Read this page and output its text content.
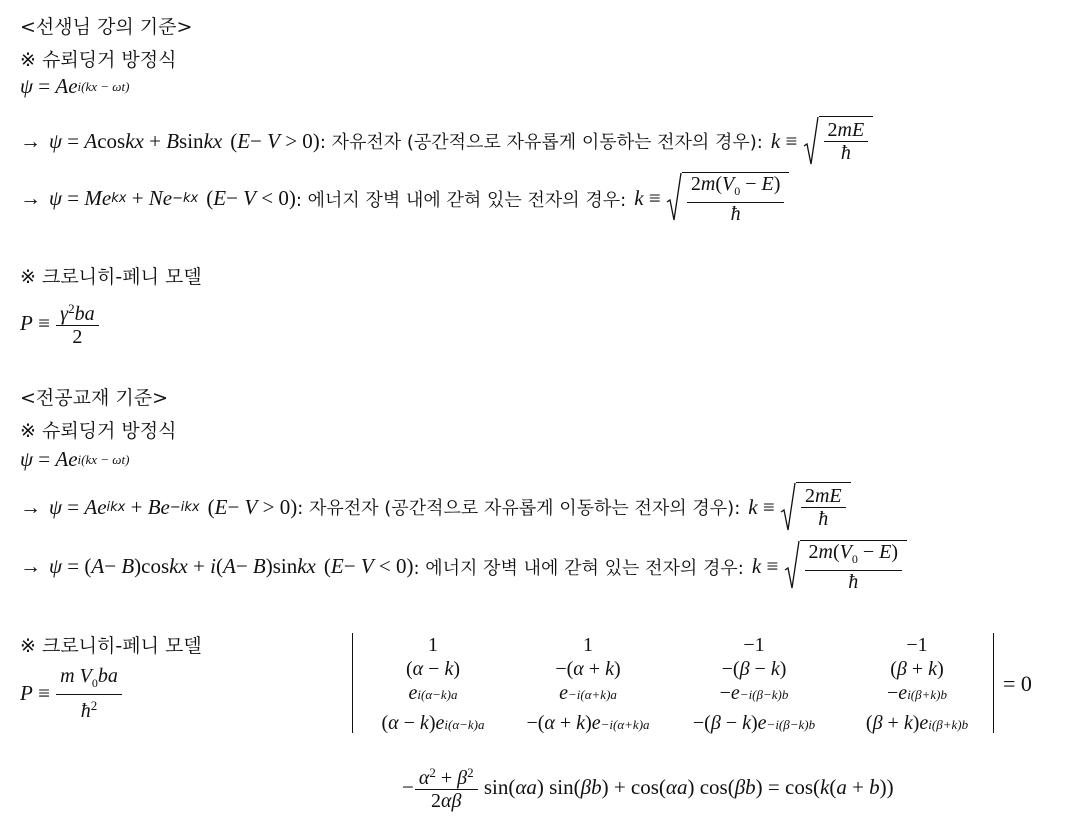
<선생님 강의 기준>
※ 슈뢰딩거 방정식
ψ = Ae i(kx − ωt)
→ ψ = A cos kx + B sin kx (E− V > 0) : 자유전자 (공간적으로 자유롭게 이동하는 전자의 경우): $k \equiv \frac{2mE}{ħ}$
→ ψ = Me kx + Ne −kx (E− V < 0) : 에너지 장벽 내에 갇혀 있는 전자의 경우: $k \equiv \frac{2m(V_0 - E)}{ħ}$
※ 크로니히-페니 모델
$P \equiv \frac{\gamma^2ba}{2}$
<전공교재 기준>
※ 슈뢰딩거 방정식
ψ = Ae i(kx − ωt)
→ ψ = Ae ikx + Be −ikx (E− V > 0) : 자유전자 (공간적으로 자유롭게 이동하는 전자의 경우): $k \equiv \frac{2mE}{ħ}$
→ ψ = (A− B)coskx + i(A− B)sinkx (E− V < 0) : 에너지 장벽 내에 갇혀 있는 전자의 경우: $k \equiv \frac{2m(V_0 - E)}{ħ}$
※ 크로니히-페니 모델
$P \equiv \frac{m V_0ba}{ħ^2}$
1
(α − k)
ei(α−k)a
(α − k)ei(α−k)a
1
−(α + k)
e−i(α+k)a
−(α + k)e−i(α+k)a
−1
−(β − k)
−e−i(β−k)b
−(β − k)e−i(β−k)b
−1
(β + k)
−ei(β+k)b
(β + k)ei(β+k)b
= 0
− $\frac{\alpha^2 + \beta^2}{2\alpha\beta} \sin(\alpha a) \sin(\beta b) + \cos(\alpha a) \cos(\beta b) = \cos(k(a + b))$
